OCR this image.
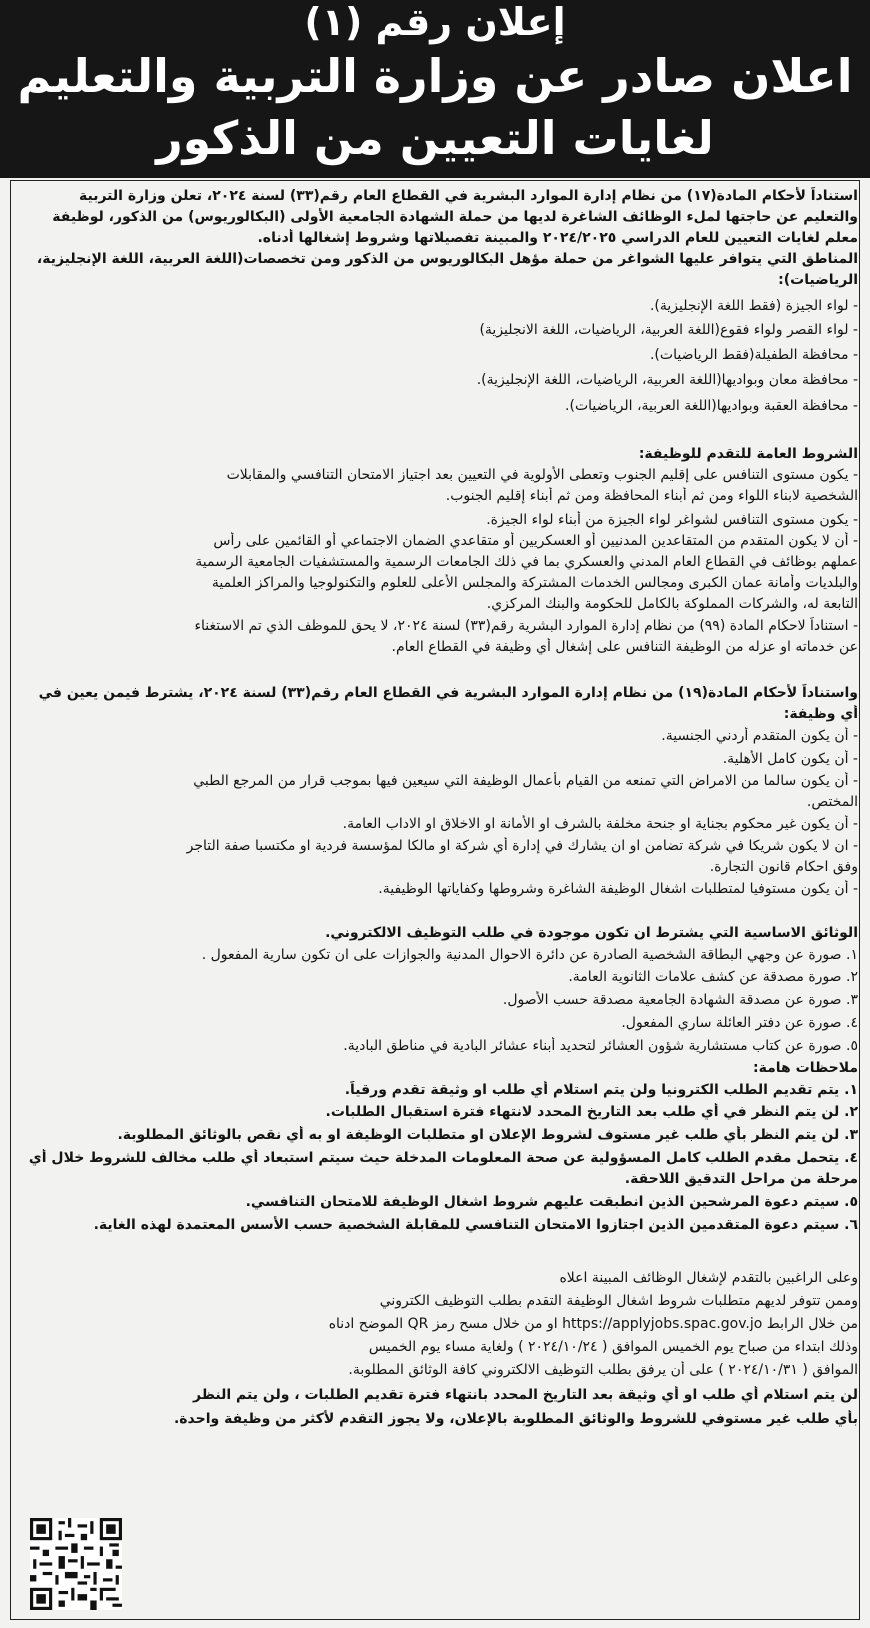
إعلان رقم (١)
اعلان صادر عن وزارة التربية والتعليم
لغايات التعيين من الذكور
استناداً لأحكام المادة(١٧) من نظام إدارة الموارد البشرية في القطاع العام رقم(٣٣) لسنة ٢٠٢٤، تعلن وزارة التربية
والتعليم عن حاجتها لملء الوظائف الشاغرة لديها من حملة الشهادة الجامعية الأولى (البكالوريوس) من الذكور، لوظيفة
معلم لغايات التعيين للعام الدراسي ٢٠٢٤/٢٠٢٥ والمبينة تفصيلاتها وشروط إشغالها أدناه.
المناطق التي يتوافر عليها الشواغر من حملة مؤهل البكالوريوس من الذكور ومن تخصصات(اللغة العربية، اللغة الإنجليزية،
الرياضيات):
- لواء الجيزة (فقط اللغة الإنجليزية).
- لواء القصر ولواء فقوع(اللغة العربية، الرياضيات، اللغة الانجليزية)
- محافظة الطفيلة(فقط الرياضيات).
- محافظة معان وبواديها(اللغة العربية، الرياضيات، اللغة الإنجليزية).
- محافظة العقبة وبواديها(اللغة العربية، الرياضيات).
الشروط العامة للتقدم للوظيفة:
- يكون مستوى التنافس على إقليم الجنوب وتعطى الأولوية في التعيين بعد اجتياز الامتحان التنافسي والمقابلات
الشخصية لابناء اللواء ومن ثم أبناء المحافظة ومن ثم أبناء إقليم الجنوب.
- يكون مستوى التنافس لشواغر لواء الجيزة من أبناء لواء الجيزة.
- أن لا يكون المتقدم من المتقاعدين المدنيين أو العسكريين أو متقاعدي الضمان الاجتماعي أو القائمين على رأس
عملهم بوظائف في القطاع العام المدني والعسكري بما في ذلك الجامعات الرسمية والمستشفيات الجامعية الرسمية
والبلديات وأمانة عمان الكبرى ومجالس الخدمات المشتركة والمجلس الأعلى للعلوم والتكنولوجيا والمراكز العلمية
التابعة له، والشركات المملوكة بالكامل للحكومة والبنك المركزي.
- استناداً لاحكام المادة (٩٩) من نظام إدارة الموارد البشرية رقم(٣٣) لسنة ٢٠٢٤، لا يحق للموظف الذي تم الاستغناء
عن خدماته او عزله من الوظيفة التنافس على إشغال أي وظيفة في القطاع العام.
واستناداً لأحكام المادة(١٩) من نظام إدارة الموارد البشرية في القطاع العام رقم(٣٣) لسنة ٢٠٢٤، يشترط فيمن يعين في
أي وظيفة:
- أن يكون المتقدم أردني الجنسية.
- أن يكون كامل الأهلية.
- أن يكون سالما من الامراض التي تمنعه من القيام بأعمال الوظيفة التي سيعين فيها بموجب قرار من المرجع الطبي
المختص.
- أن يكون غير محكوم بجناية او جنحة مخلفة بالشرف او الأمانة او الاخلاق او الاداب العامة.
- ان لا يكون شريكا في شركة تضامن او ان يشارك في إدارة أي شركة او مالكا لمؤسسة فردية او مكتسبا صفة التاجر
وفق احكام قانون التجارة.
- أن يكون مستوفيا لمتطلبات اشغال الوظيفة الشاغرة وشروطها وكفاياتها الوظيفية.
الوثائق الاساسية التي يشترط ان تكون موجودة في طلب التوظيف الالكتروني.
١. صورة عن وجهي البطاقة الشخصية الصادرة عن دائرة الاحوال المدنية والجوازات على ان تكون سارية المفعول .
٢. صورة مصدقة عن كشف علامات الثانوية العامة.
٣. صورة عن مصدقة الشهادة الجامعية مصدقة حسب الأصول.
٤. صورة عن دفتر العائلة ساري المفعول.
٥. صورة عن كتاب مستشارية شؤون العشائر لتحديد أبناء عشائر البادية في مناطق البادية.
ملاحظات هامة:
١. يتم تقديم الطلب الكترونيا ولن يتم استلام أي طلب او وثيقة تقدم ورقياً.
٢. لن يتم النظر في أي طلب بعد التاريخ المحدد لانتهاء فترة استقبال الطلبات.
٣. لن يتم النظر بأي طلب غير مستوف لشروط الإعلان او متطلبات الوظيفة او به أي نقص بالوثائق المطلوبة.
٤. يتحمل مقدم الطلب كامل المسؤولية عن صحة المعلومات المدخلة حيث سيتم استبعاد أي طلب مخالف للشروط خلال أي
مرحلة من مراحل التدقيق اللاحقة.
٥. سيتم دعوة المرشحين الذين انطبقت عليهم شروط اشغال الوظيفة للامتحان التنافسي.
٦. سيتم دعوة المتقدمين الذين اجتازوا الامتحان التنافسي للمقابلة الشخصية حسب الأسس المعتمدة لهذه الغاية.
وعلى الراغبين بالتقدم لإشغال الوظائف المبينة اعلاه
وممن تتوفر لديهم متطلبات شروط اشغال الوظيفة التقدم بطلب التوظيف الكتروني
من خلال الرابط https://applyjobs.spac.gov.jo او من خلال مسح رمز QR الموضح ادناه
وذلك ابتداء من صباح يوم الخميس الموافق ( ٢٠٢٤/١٠/٢٤ ) ولغاية مساء يوم الخميس
الموافق ( ٢٠٢٤/١٠/٣١ ) على أن يرفق بطلب التوظيف الالكتروني كافة الوثائق المطلوبة.
لن يتم استلام أي طلب او أي وثيقة بعد التاريخ المحدد بانتهاء فترة تقديم الطلبات ، ولن يتم النظر
بأي طلب غير مستوفي للشروط والوثائق المطلوبة بالإعلان، ولا يجوز التقدم لأكثر من وظيفة واحدة.
